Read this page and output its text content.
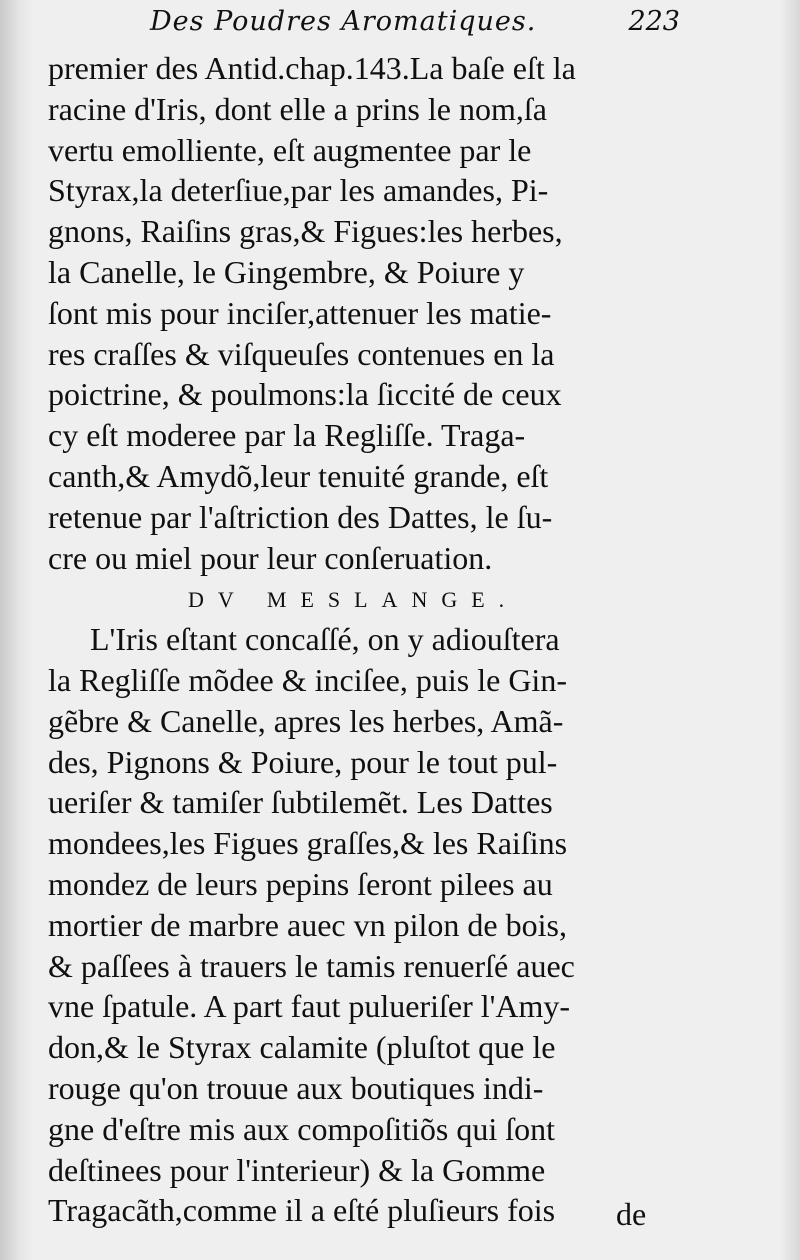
Des Poudres Aromatiques.	223
premier des Antid.chap.143.La baſe eſt la
racine d'Iris, dont elle a prins le nom,ſa
vertu emolliente, eſt augmentee par le
Styrax,la deterſiue,par les amandes, Pi-
gnons, Raiſins gras,& Figues:les herbes,
la Canelle, le Gingembre, & Poiure y
ſont mis pour inciſer,attenuer les matie-
res craſſes & viſqueuſes contenues en la
poictrine, & poulmons:la ſiccité de ceux
cy eſt moderee par la Regliſſe. Traga-
canth,& Amydõ,leur tenuité grande, eſt
retenue par l'aſtriction des Dattes, le ſu-
cre ou miel pour leur conſeruation.
DV MESLANGE.
L'Iris eſtant concaſſé, on y adiouſtera
la Regliſſe mõdee & inciſee, puis le Gin-
gẽbre & Canelle, apres les herbes, Amã-
des, Pignons & Poiure, pour le tout pul-
ueriſer & tamiſer ſubtilemẽt. Les Dattes
mondees,les Figues graſſes,& les Raiſins
mondez de leurs pepins ſeront pilees au
mortier de marbre auec vn pilon de bois,
& paſſees à trauers le tamis renuerſé auec
vne ſpatule. A part faut pulueriſer l'Amy-
don,& le Styrax calamite (pluſtot que le
rouge qu'on trouue aux boutiques indi-
gne d'eſtre mis aux compoſitiõs qui ſont
deſtinees pour l'interieur) & la Gomme
Tragacãth,comme il a eſté pluſieurs fois	de
